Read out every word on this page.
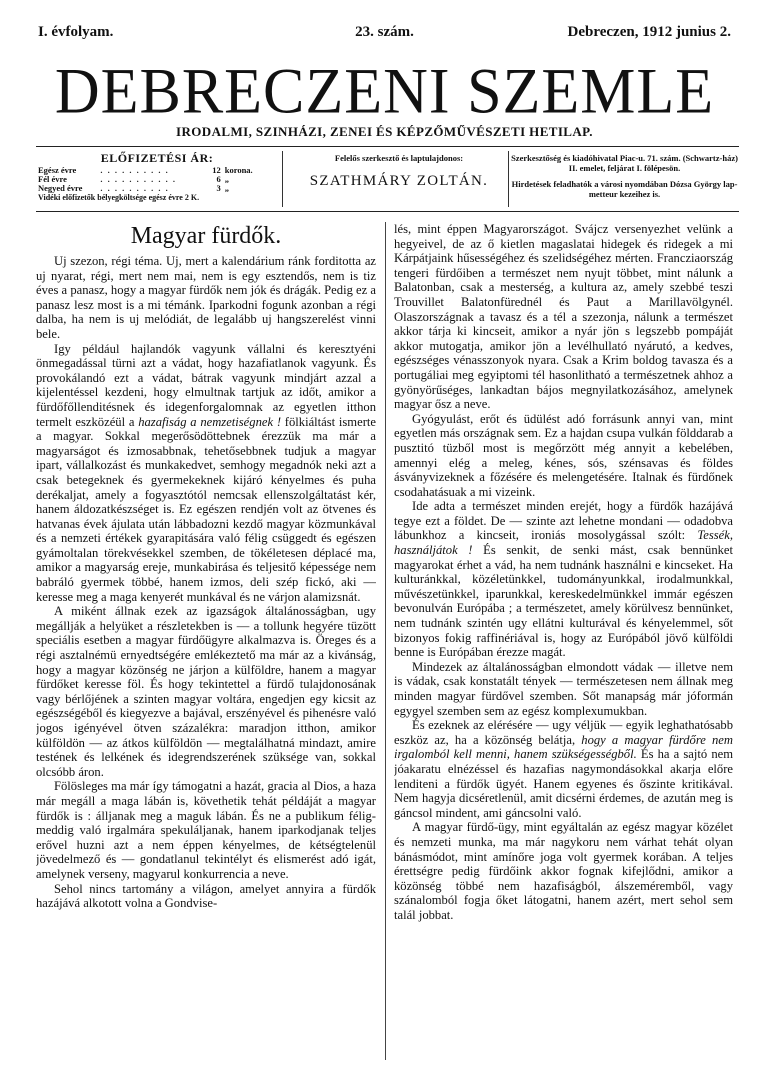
I. évfolyam.	23. szám.	Debreczen, 1912 junius 2.
DEBRECZENI SZEMLE
IRODALMI, SZINHÁZI, ZENEI ÉS KÉPZŐMŰVÉSZETI HETILAP.
ELŐFIZETÉSI ÁR:
Egész évre	. . . . . . . . . .	12	korona.
Fél évre	. . . . . . . . . . .	6	„
Negyed évre	. . . . . . . . . .	3	„
Vidéki előfizetők bélyegköltsége egész évre 2 K.
Felelős szerkesztő és laptulajdonos:
SZATHMÁRY ZOLTÁN.
Szerkesztőség és kiadóhivatal Piac-u. 71. szám. (Schwartz-ház) II. emelet, feljárat I. fölépesön.
Hirdetések feladhatók a városi nyomdában Dózsa György lap-metteur kezeihez is.
Magyar fürdők.

Uj szezon, régi téma. Uj, mert a kalendárium ránk forditotta az uj nyarat, régi, mert nem mai, nem is egy esztendős, nem is tiz éves a panasz, hogy a magyar fürdők nem jók és drágák. Pedig ez a panasz lesz most is a mi témánk. Iparkodni fogunk azonban a régi dalba, ha nem is uj melódiát, de legalább uj hangszerelést vinni bele.

Igy például hajlandók vagyunk vállalni és keresztyéni önmegadással türni azt a vádat, hogy hazafiatlanok vagyunk. És provokálandó ezt a vádat, bátrak vagyunk mindjárt azzal a kijelentéssel kezdeni, hogy elmultnak tartjuk az időt, amikor a fürdőfőllenditésnek és idegenforgalomnak az egyetlen itthon termelt eszközéül a hazafiság a nemzetiségnek ! fölkiáltást ismerte a magyar. Sokkal megerősödöttebnek érezzük ma már a magyarságot és izmosabbnak, tehetősebbnek tudjuk a magyar ipart, vállalkozást és munkakedvet, semhogy megadnók neki azt a csak betegeknek és gyermekeknek kijáró kényelmes és puha derékaljat, amely a fogyasztótól nemcsak ellenszolgáltatást kér, hanem áldozatkészséget is. Ez egészen rendjén volt az ötvenes és hatvanas évek ájulata után lábbadozni kezdő magyar közmunkával és a nemzeti értékek gyarapitására való félig csüggedt és egészen gyámoltalan törekvésekkel szemben, de tökéletesen déplacé ma, amikor a magyarság ereje, munkabirása és teljesitő képessége nem babráló gyermek többé, hanem izmos, deli szép fickó, aki — keresse meg a maga kenyerét munkával és ne várjon alamizsnát.

A miként állnak ezek az igazságok általánosságban, ugy megállják a helyüket a részletekben is — a tollunk hegyére tüzött speciális esetben a magyar fürdőügyre alkalmazva is. Öreges és a régi asztalnémü ernyedtségére emlékeztető ma már az a kivánság, hogy a magyar közönség ne járjon a külföldre, hanem a magyar fürdőket keresse föl. És hogy tekintettel a fürdő tulajdonosának vagy bérlőjének a szinten magyar voltára, engedjen egy kicsit az egészségéből és kiegyezve a bajával, erszényével és pihenésre való jogos igényével ötven százalékra: maradjon itthon, amikor külföldön — az átkos külföldön — megtalálhatná mindazt, amire testének és lelkének és idegrendszerének szüksége van, sokkal olcsóbb áron.

Fölösleges ma már így támogatni a hazát, gracia al Dios, a haza már megáll a maga lábán is, követhetik tehát példáját a magyar fürdők is : álljanak meg a maguk lábán. És ne a publikum félig-meddig való irgalmára spekuláljanak, hanem iparkodjanak teljes erővel huzni azt a nem éppen kényelmes, de kétségtelenül jövedelmező és — gondatlanul tekintélyt és elismerést adó igát, amelynek verseny, magyarul konkurrencia a neve.

Sehol nincs tartomány a világon, amelyet annyira a fürdők hazájává alkotott volna a Gondvise-

lés, mint éppen Magyarországot. Svájcz versenyezhet velünk a hegyeivel, de az ő kietlen magaslatai hidegek és ridegek a mi Kárpátjaink hűsességéhez és szelidségéhez mérten. Francziaország tengeri fürdőiben a természet nem nyujt többet, mint nálunk a Balatonban, csak a mesterség, a kultura az, amely szebbé teszi Trouvillet Balatonfürednél és Paut a Marillavölgynél. Olaszországnak a tavasz és a tél a szezonja, nálunk a természet akkor tárja ki kincseit, amikor a nyár jön s legszebb pompáját akkor mutogatja, amikor jön a levélhullató nyárutó, a kedves, egészséges vénasszonyok nyara. Csak a Krim boldog tavasza és a portugáliai meg egyiptomi tél hasonlitható a természetnek ahhoz a gyönyörűséges, lankadtan bájos megnyilatkozásához, amelynek magyar ősz a neve.

Gyógyulást, erőt és üdülést adó forrásunk annyi van, mint egyetlen más országnak sem. Ez a hajdan csupa vulkán földdarab a pusztitó tüzből most is megőrzött még annyit a kebelében, amennyi elég a meleg, kénes, sós, szénsavas és földes ásványvizeknek a főzésére és melengetésére. Italnak és fürdőnek csodahatásuak a mi vizeink.

Ide adta a természet minden erejét, hogy a fürdők hazájává tegye ezt a földet. De — szinte azt lehetne mondani — odadobva lábunkhoz a kincseit, ironiás mosolygással szólt: Tessék, használjátok ! És senkit, de senki mást, csak bennünket magyarokat érhet a vád, ha nem tudnánk használni e kincseket. Ha kulturánkkal, közéletünkkel, tudományunkkal, irodalmunkkal, művészetünkkel, iparunkkal, kereskedelmünkkel immár egészen bevonulván Európába ; a természetet, amely körülvesz bennünket, nem tudnánk szintén ugy ellátni kulturával és kényelemmel, sőt bizonyos fokig raffinériával is, hogy az Európából jövő külföldi benne is Európában érezze magát.

Mindezek az általánosságban elmondott vádak — illetve nem is vádak, csak konstatált tények — természetesen nem állnak meg minden magyar fürdővel szemben. Sőt manapság már jóformán egygyel szemben sem az egész komplexumukban.

És ezeknek az elérésére — ugy véljük — egyik leghathatósabb eszköz az, ha a közönség belátja, hogy a magyar fürdőre nem irgalomból kell menni, hanem szükségességből. És ha a sajtó nem jóakaratu elnézéssel és hazafias nagymondásokkal akarja előre lenditeni a fürdők ügyét. Hanem egyenes és őszinte kritikával. Nem hagyja dicséretlenül, amit dicsérni érdemes, de azután meg is gáncsol mindent, ami gáncsolni való.

A magyar fürdő-ügy, mint egyáltalán az egész magyar közélet és nemzeti munka, ma már nagykoru nem várhat tehát olyan bánásmódot, mint amínőre joga volt gyermek korában. A teljes érettségre pedig fürdőink akkor fognak kifejlődni, amikor a közönség többé nem hazafiságból, álszeméremből, vagy szánalomból fogja őket látogatni, hanem azért, mert sehol sem talál jobbat.
